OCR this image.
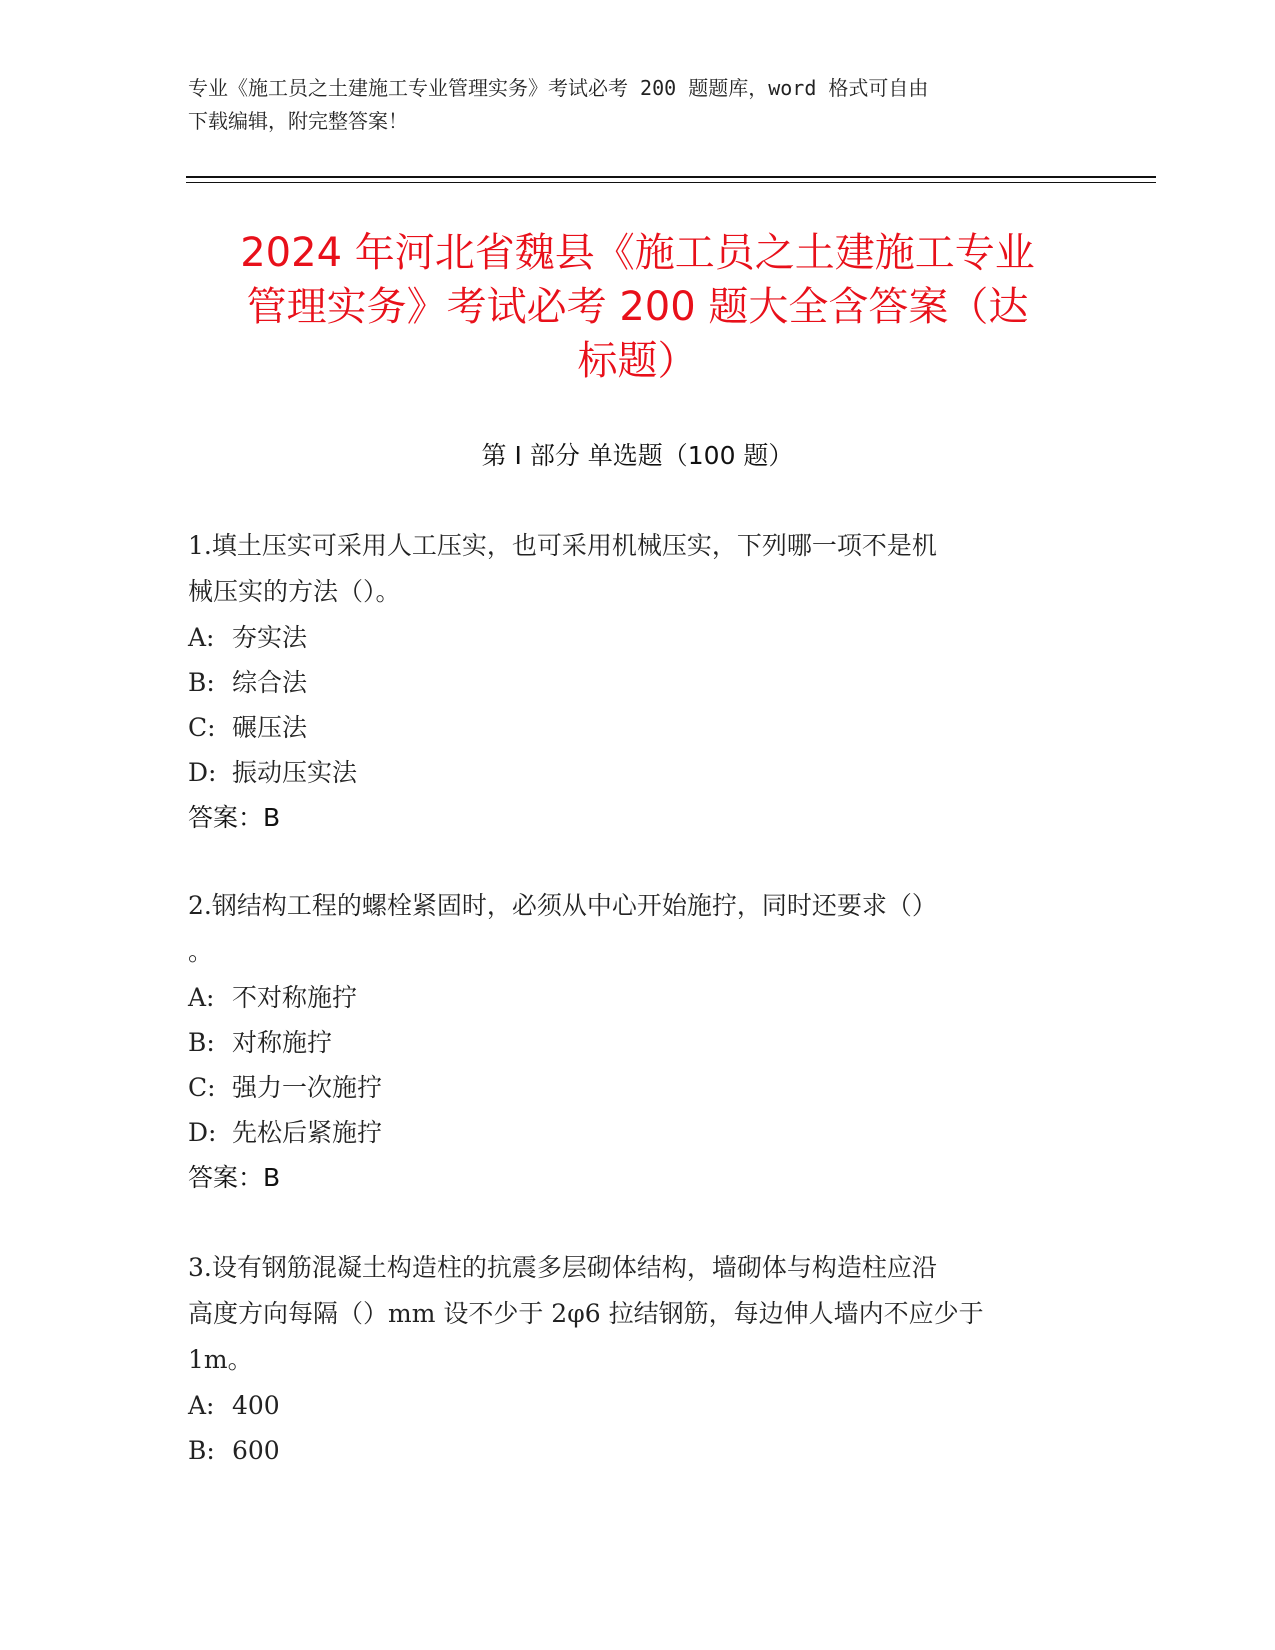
专业《施工员之土建施工专业管理实务》考试必考 200 题题库，word 格式可自由
下载编辑，附完整答案！
2024 年河北省魏县《施工员之土建施工专业
管理实务》考试必考 200 题大全含答案（达
标题）
第 I 部分 单选题（100 题）
1.填土压实可采用人工压实，也可采用机械压实，下列哪一项不是机
械压实的方法（）。
A: 夯实法
B: 综合法
C: 碾压法
D: 振动压实法
答案：B
2.钢结构工程的螺栓紧固时，必须从中心开始施拧，同时还要求（）
。
A: 不对称施拧
B: 对称施拧
C: 强力一次施拧
D: 先松后紧施拧
答案：B
3.设有钢筋混凝土构造柱的抗震多层砌体结构，墙砌体与构造柱应沿
高度方向每隔（）mm 设不少于 2φ6 拉结钢筋，每边伸人墙内不应少于
1m。
A: 400
B: 600
